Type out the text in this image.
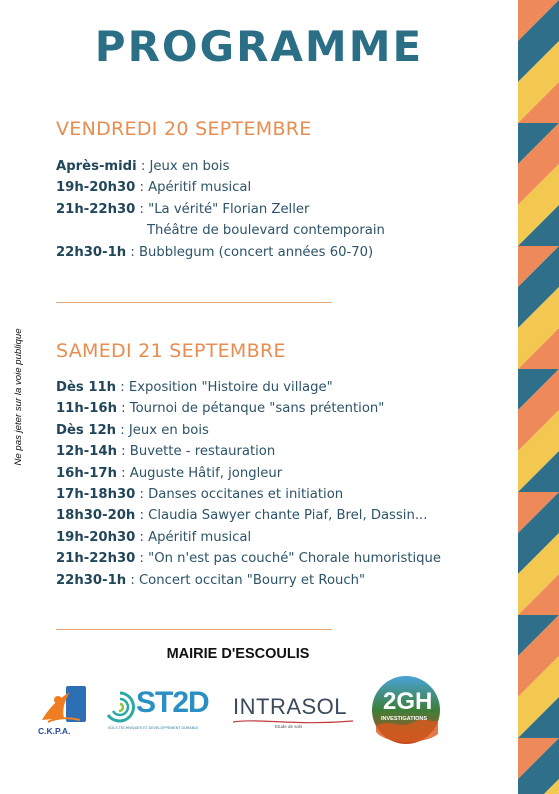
PROGRAMME
VENDREDI 20 SEPTEMBRE
Après-midi : Jeux en bois
19h-20h30 : Apéritif musical
21h-22h30 : "La vérité" Florian Zeller
Théâtre de boulevard contemporain
22h30-1h : Bubblegum (concert années 60-70)
Ne pas jeter sur la voie publique SAMEDI 21 SEPTEMBRE
Dès 11h : Exposition "Histoire du village"
11h-16h : Tournoi de pétanque "sans prétention"
Dès 12h : Jeux en bois
12h-14h : Buvette - restauration
16h-17h : Auguste Hâtif, jongleur
17h-18h30 : Danses occitanes et initiation
18h30-20h : Claudia Sawyer chante Piaf, Brel, Dassin...
19h-20h30 : Apéritif musical
21h-22h30 : "On n'est pas couché" Chorale humoristique
22h30-1h : Concert occitan "Bourry et Rouch"
MAIRIE D'ESCOULIS
C.K.P.A.
ST2D
SOLS TECHNIQUES ET DEVELOPPEMENT DURABLE
INTRASOL
Etude de sols
2GH
INVESTIGATIONS
